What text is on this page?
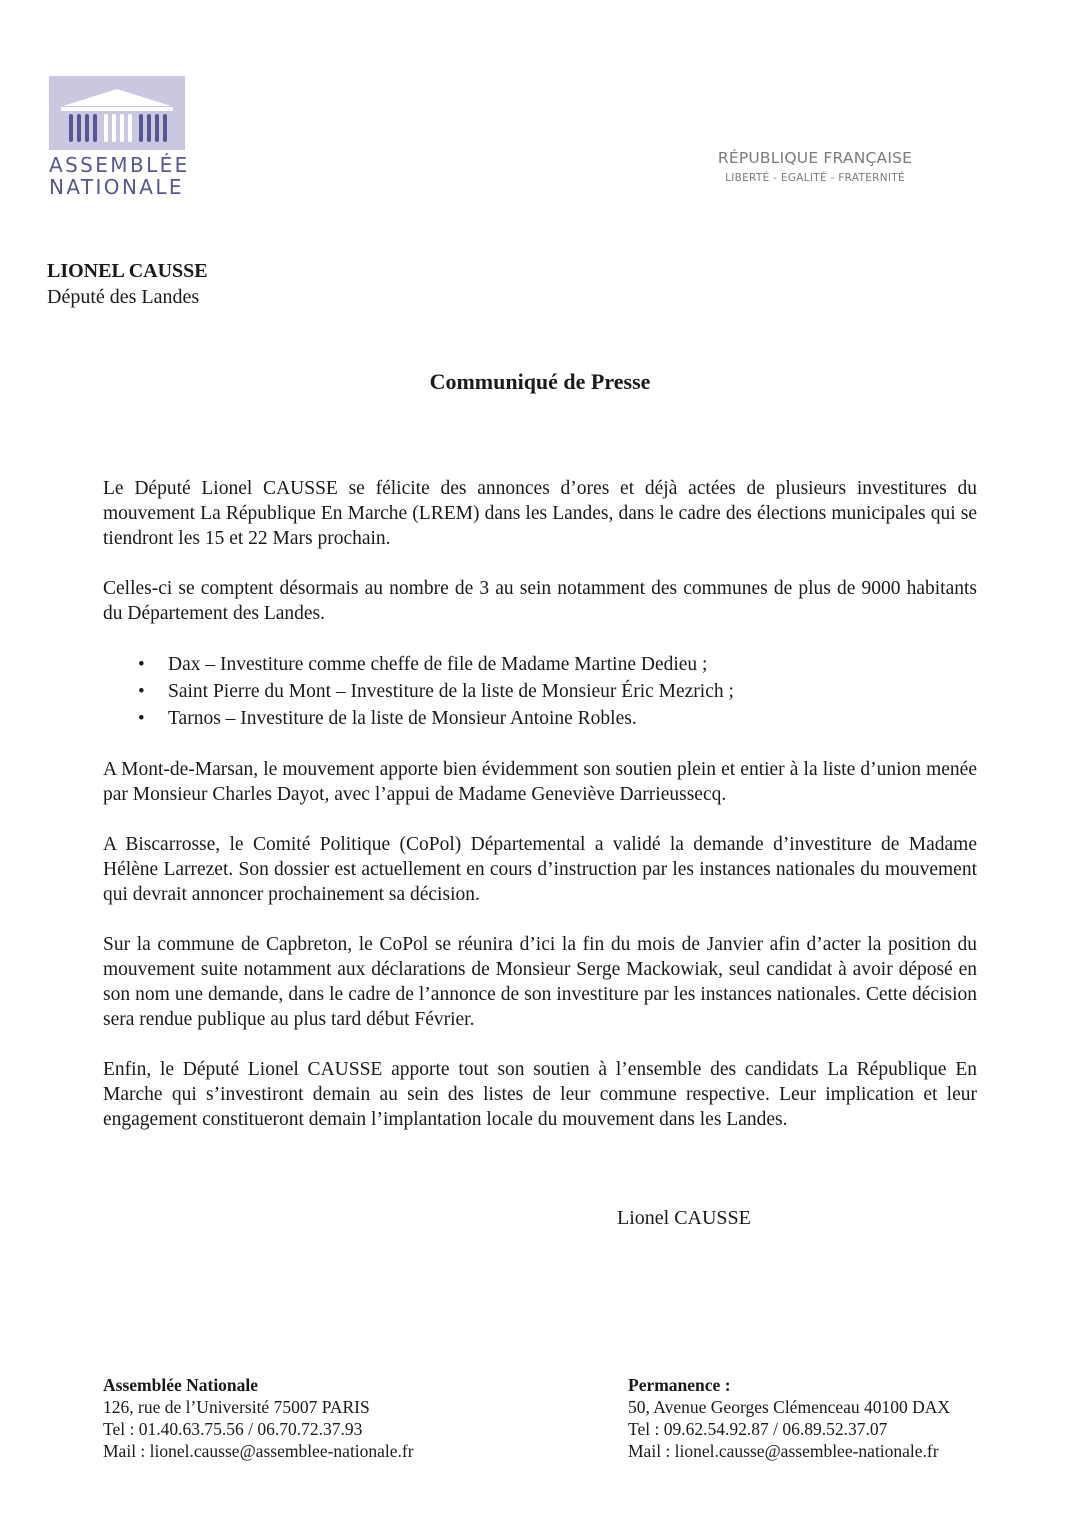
ASSEMBLÉE
NATIONALE
RÉPUBLIQUE FRANÇAISE
LIBERTÉ - EGALITÉ - FRATERNITÉ
LIONEL CAUSSE
Député des Landes
Communiqué de Presse

Le Député Lionel CAUSSE se félicite des annonces d’ores et déjà actées de plusieurs investitures du mouvement La République En Marche (LREM) dans les Landes, dans le cadre des élections municipales qui se tiendront les 15 et 22 Mars prochain.

Celles-ci se comptent désormais au nombre de 3 au sein notamment des communes de plus de 9000 habitants du Département des Landes.

• Dax – Investiture comme cheffe de file de Madame Martine Dedieu ;
• Saint Pierre du Mont – Investiture de la liste de Monsieur Éric Mezrich ;
• Tarnos – Investiture de la liste de Monsieur Antoine Robles.

A Mont-de-Marsan, le mouvement apporte bien évidemment son soutien plein et entier à la liste d’union menée par Monsieur Charles Dayot, avec l’appui de Madame Geneviève Darrieussecq.

A Biscarrosse, le Comité Politique (CoPol) Départemental a validé la demande d’investiture de Madame Hélène Larrezet. Son dossier est actuellement en cours d’instruction par les instances nationales du mouvement qui devrait annoncer prochainement sa décision.

Sur la commune de Capbreton, le CoPol se réunira d’ici la fin du mois de Janvier afin d’acter la position du mouvement suite notamment aux déclarations de Monsieur Serge Mackowiak, seul candidat à avoir déposé en son nom une demande, dans le cadre de l’annonce de son investiture par les instances nationales. Cette décision sera rendue publique au plus tard début Février.

Enfin, le Député Lionel CAUSSE apporte tout son soutien à l’ensemble des candidats La République En Marche qui s’investiront demain au sein des listes de leur commune respective. Leur implication et leur engagement constitueront demain l’implantation locale du mouvement dans les Landes.

Lionel CAUSSE
Assemblée Nationale
126, rue de l’Université 75007 PARIS
Tel : 01.40.63.75.56 / 06.70.72.37.93
Mail : lionel.causse@assemblee-nationale.fr
Permanence :
50, Avenue Georges Clémenceau 40100 DAX
Tel : 09.62.54.92.87 / 06.89.52.37.07
Mail : lionel.causse@assemblee-nationale.fr
